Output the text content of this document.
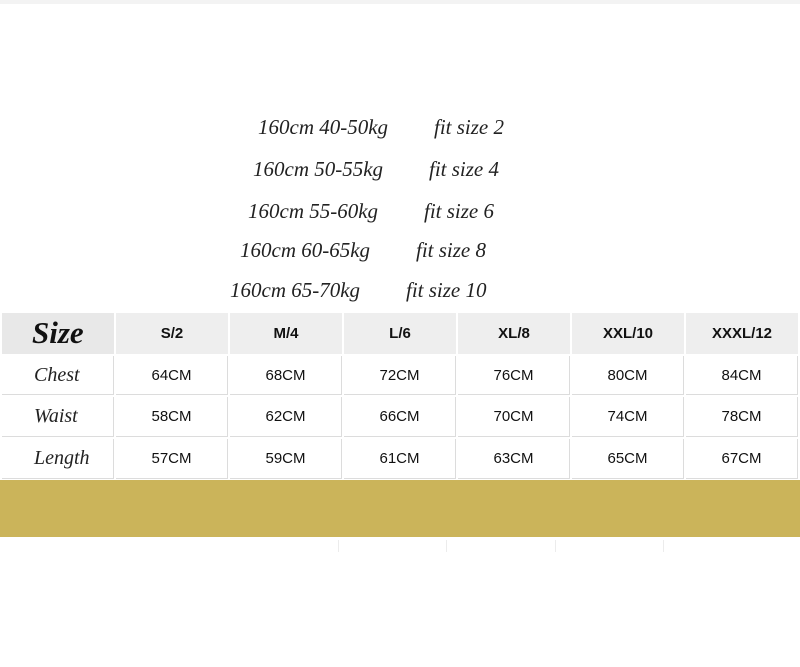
160cm 40-50kg fit size 2
160cm 50-55kg fit size 4
160cm 55-60kg fit size 6
160cm 60-65kg fit size 8
160cm 65-70kg fit size 10
Size	S/2	M/4	L/6	XL/8	XXL/10	XXXL/12
Chest	64CM	68CM	72CM	76CM	80CM	84CM
Waist	58CM	62CM	66CM	70CM	74CM	78CM
Length	57CM	59CM	61CM	63CM	65CM	67CM
